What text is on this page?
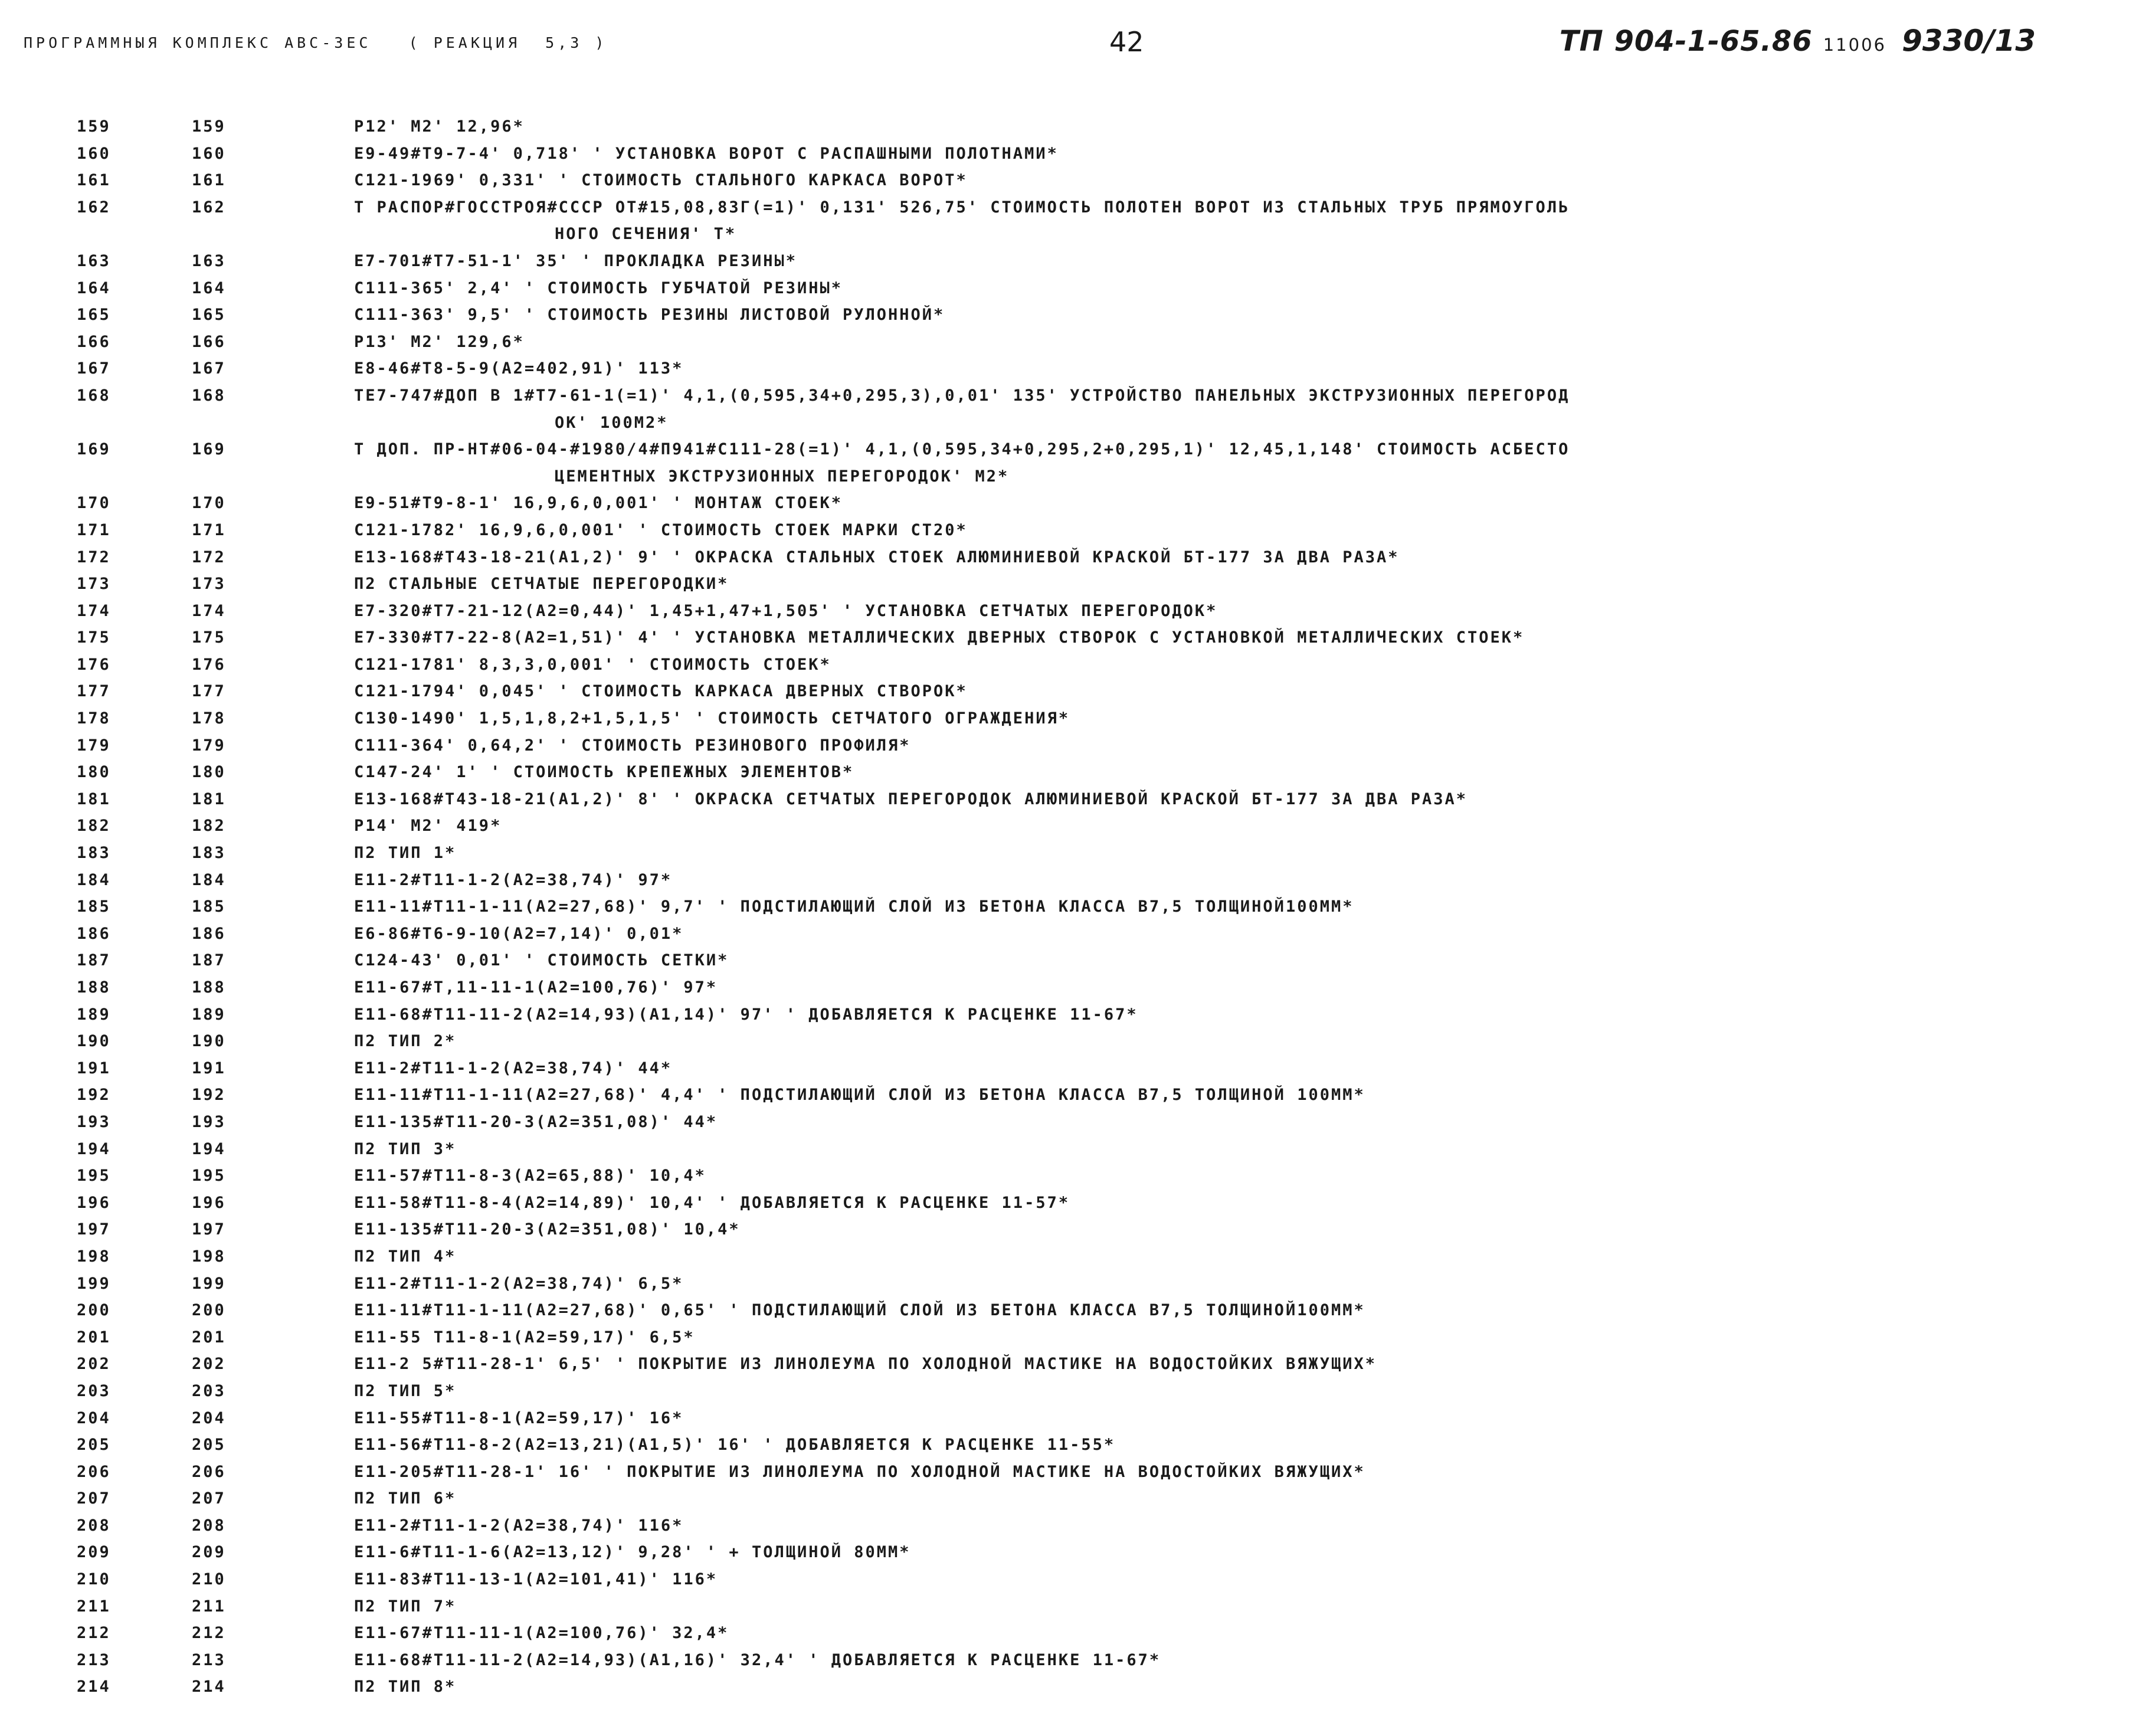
ПРОГРАММНЫЯ КОМПЛЕКС АВС-ЗЕС   ( РЕАКЦИЯ  5,3 )	42	ТП 904-1-65.86 11006 9330/13
159	159	P12' M2' 12,96*
160	160	E9-49#T9-7-4' 0,718' ' УСТАНОВКА ВОРОТ С РАСПАШНЫМИ ПОЛОТНАМИ*
161	161	C121-1969' 0,331' ' СТОИМОСТЬ СТАЛЬНОГО КАРКАСА ВОРОТ*
162	162	Т РАСПОР#ГОССТРОЯ#СССР ОТ#15,08,83Г(=1)' 0,131' 526,75' СТОИМОСТЬ ПОЛОТЕН ВОРОТ ИЗ СТАЛЬНЫХ ТРУБ ПРЯМОУГОЛЬ
НОГО СЕЧЕНИЯ' Т*
163	163	E7-701#T7-51-1' 35' ' ПРОКЛАДКА РЕЗИНЫ*
164	164	C111-365' 2,4' ' СТОИМОСТЬ ГУБЧАТОЙ РЕЗИНЫ*
165	165	C111-363' 9,5' ' СТОИМОСТЬ РЕЗИНЫ ЛИСТОВОЙ РУЛОННОЙ*
166	166	P13' M2' 129,6*
167	167	E8-46#T8-5-9(A2=402,91)' 113*
168	168	ТЕ7-747#ДОП В 1#T7-61-1(=1)' 4,1,(0,595,34+0,295,3),0,01' 135' УСТРОЙСТВО ПАНЕЛЬНЫХ ЭКСТРУЗИОННЫХ ПЕРЕГОРОД
ОК' 100M2*
169	169	Т ДОП. ПР-НТ#06-04-#1980/4#П941#C111-28(=1)' 4,1,(0,595,34+0,295,2+0,295,1)' 12,45,1,148' СТОИМОСТЬ АСБЕСТО
ЦЕМЕНТНЫХ ЭКСТРУЗИОННЫХ ПЕРЕГОРОДОК' M2*
170	170	E9-51#T9-8-1' 16,9,6,0,001' ' МОНТАЖ СТОЕК*
171	171	C121-1782' 16,9,6,0,001' ' СТОИМОСТЬ СТОЕК МАРКИ СТ20*
172	172	E13-168#T43-18-21(A1,2)' 9' ' ОКРАСКА СТАЛЬНЫХ СТОЕК АЛЮМИНИЕВОЙ КРАСКОЙ БТ-177 ЗА ДВА РАЗА*
173	173	П2 СТАЛЬНЫЕ СЕТЧАТЫЕ ПЕРЕГОРОДКИ*
174	174	E7-320#T7-21-12(A2=0,44)' 1,45+1,47+1,505' ' УСТАНОВКА СЕТЧАТЫХ ПЕРЕГОРОДОК*
175	175	E7-330#T7-22-8(A2=1,51)' 4' ' УСТАНОВКА МЕТАЛЛИЧЕСКИХ ДВЕРНЫХ СТВОРОК С УСТАНОВКОЙ МЕТАЛЛИЧЕСКИХ СТОЕК*
176	176	C121-1781' 8,3,3,0,001' ' СТОИМОСТЬ СТОЕК*
177	177	C121-1794' 0,045' ' СТОИМОСТЬ КАРКАСА ДВЕРНЫХ СТВОРОК*
178	178	C130-1490' 1,5,1,8,2+1,5,1,5' ' СТОИМОСТЬ СЕТЧАТОГО ОГРАЖДЕНИЯ*
179	179	C111-364' 0,64,2' ' СТОИМОСТЬ РЕЗИНОВОГО ПРОФИЛЯ*
180	180	C147-24' 1' ' СТОИМОСТЬ КРЕПЕЖНЫХ ЭЛЕМЕНТОВ*
181	181	E13-168#T43-18-21(A1,2)' 8' ' ОКРАСКА СЕТЧАТЫХ ПЕРЕГОРОДОК АЛЮМИНИЕВОЙ КРАСКОЙ БТ-177 ЗА ДВА РАЗА*
182	182	P14' M2' 419*
183	183	П2 ТИП 1*
184	184	E11-2#T11-1-2(A2=38,74)' 97*
185	185	E11-11#T11-1-11(A2=27,68)' 9,7' ' ПОДСТИЛАЮЩИЙ СЛОЙ ИЗ БЕТОНА КЛАССА В7,5 ТОЛЩИНОЙ100ММ*
186	186	E6-86#T6-9-10(A2=7,14)' 0,01*
187	187	C124-43' 0,01' ' СТОИМОСТЬ СЕТКИ*
188	188	E11-67#T,11-11-1(A2=100,76)' 97*
189	189	E11-68#T11-11-2(A2=14,93)(A1,14)' 97' ' ДОБАВЛЯЕТСЯ К РАСЦЕНКЕ 11-67*
190	190	П2 ТИП 2*
191	191	E11-2#T11-1-2(A2=38,74)' 44*
192	192	E11-11#T11-1-11(A2=27,68)' 4,4' ' ПОДСТИЛАЮЩИЙ СЛОЙ ИЗ БЕТОНА КЛАССА В7,5 ТОЛЩИНОЙ 100ММ*
193	193	E11-135#T11-20-3(A2=351,08)' 44*
194	194	П2 ТИП 3*
195	195	E11-57#T11-8-3(A2=65,88)' 10,4*
196	196	E11-58#T11-8-4(A2=14,89)' 10,4' ' ДОБАВЛЯЕТСЯ К РАСЦЕНКЕ 11-57*
197	197	E11-135#T11-20-3(A2=351,08)' 10,4*
198	198	П2 ТИП 4*
199	199	E11-2#T11-1-2(A2=38,74)' 6,5*
200	200	E11-11#T11-1-11(A2=27,68)' 0,65' ' ПОДСТИЛАЮЩИЙ СЛОЙ ИЗ БЕТОНА КЛАССА В7,5 ТОЛЩИНОЙ100ММ*
201	201	E11-55 T11-8-1(A2=59,17)' 6,5*
202	202	E11-2 5#T11-28-1' 6,5' ' ПОКРЫТИЕ ИЗ ЛИНОЛЕУМА ПО ХОЛОДНОЙ МАСТИКЕ НА ВОДОСТОЙКИХ ВЯЖУЩИХ*
203	203	П2 ТИП 5*
204	204	E11-55#T11-8-1(A2=59,17)' 16*
205	205	E11-56#T11-8-2(A2=13,21)(A1,5)' 16' ' ДОБАВЛЯЕТСЯ К РАСЦЕНКЕ 11-55*
206	206	E11-205#T11-28-1' 16' ' ПОКРЫТИЕ ИЗ ЛИНОЛЕУМА ПО ХОЛОДНОЙ МАСТИКЕ НА ВОДОСТОЙКИХ ВЯЖУЩИХ*
207	207	П2 ТИП 6*
208	208	E11-2#T11-1-2(A2=38,74)' 116*
209	209	E11-6#T11-1-6(A2=13,12)' 9,28' ' + ТОЛЩИНОЙ 80ММ*
210	210	E11-83#T11-13-1(A2=101,41)' 116*
211	211	П2 ТИП 7*
212	212	E11-67#T11-11-1(A2=100,76)' 32,4*
213	213	E11-68#T11-11-2(A2=14,93)(A1,16)' 32,4' ' ДОБАВЛЯЕТСЯ К РАСЦЕНКЕ 11-67*
214	214	П2 ТИП 8*
